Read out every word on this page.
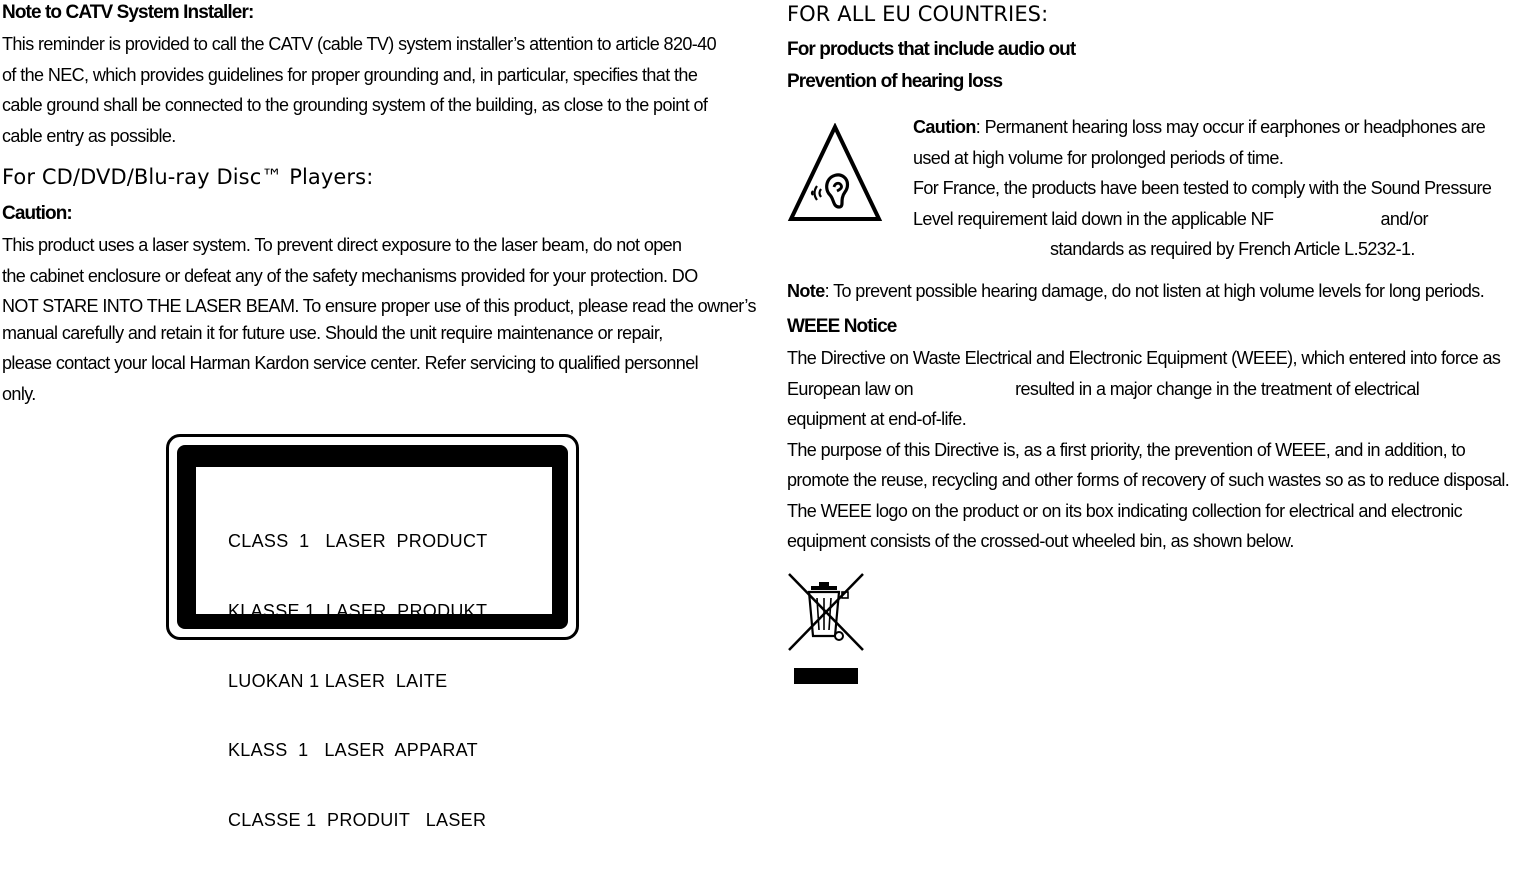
Note to CATV System Installer:
This reminder is provided to call the CATV (cable TV) system installer’s attention to article 820-40
of the NEC, which provides guidelines for proper grounding and, in particular, specifies that the
cable ground shall be connected to the grounding system of the building, as close to the point of
cable entry as possible.
For CD/DVD/Blu-ray Disc™ Players:
Caution:
This product uses a laser system. To prevent direct exposure to the laser beam, do not open
the cabinet enclosure or defeat any of the safety mechanisms provided for your protection. DO
NOT STARE INTO THE LASER BEAM. To ensure proper use of this product, please read the owner’s
manual carefully and retain it for future use. Should the unit require maintenance or repair,
please contact your local Harman Kardon service center. Refer servicing to qualified personnel
only.

CLASS  1   LASER  PRODUCT

KLASSE 1  LASER  PRODUKT

LUOKAN 1 LASER  LAITE

KLASS  1   LASER  APPARAT

CLASSE 1  PRODUIT   LASER

FOR ALL EU COUNTRIES:
For products that include audio out
Prevention of hearing loss
Caution: Permanent hearing loss may occur if earphones or headphones are
used at high volume for prolonged periods of time.
For France, the products have been tested to comply with the Sound Pressure
Level requirement laid down in the applicable NF	and/or
standards as required by French Article L.5232-1.
Note: To prevent possible hearing damage, do not listen at high volume levels for long periods.
WEEE Notice
The Directive on Waste Electrical and Electronic Equipment (WEEE), which entered into force as
European law on	resulted in a major change in the treatment of electrical
equipment at end-of-life.
The purpose of this Directive is, as a first priority, the prevention of WEEE, and in addition, to
promote the reuse, recycling and other forms of recovery of such wastes so as to reduce disposal.
The WEEE logo on the product or on its box indicating collection for electrical and electronic
equipment consists of the crossed-out wheeled bin, as shown below.
